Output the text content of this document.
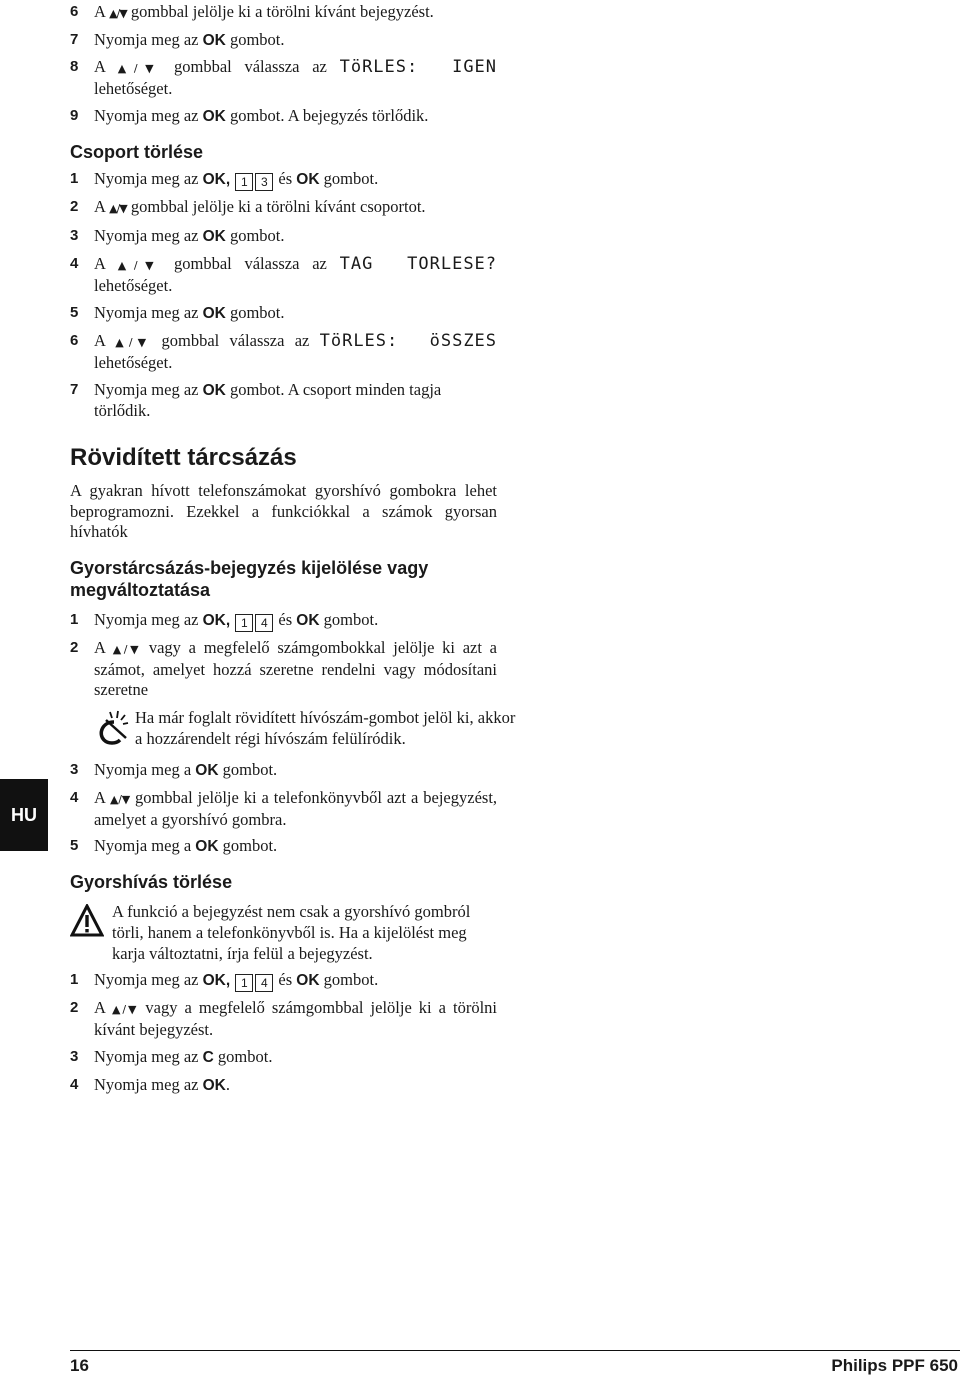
6 A ▲/▼ gombbal jelölje ki a törölni kívánt bejegyzést.
7 Nyomja meg az OK gombot.
8 A ▲/▼ gombbal válassza az TöRLES: IGEN
lehetőséget.
9 Nyomja meg az OK gombot. A bejegyzés törlődik.
Csoport törlése
1 Nyomja meg az OK, 1 3 és OK gombot.
2 A ▲/▼ gombbal jelölje ki a törölni kívánt csoportot.
3 Nyomja meg az OK gombot.
4 A ▲/▼ gombbal válassza az TAG TORLESE?
lehetőséget.
5 Nyomja meg az OK gombot.
6 A ▲/▼ gombbal válassza az TöRLES: öSSZES
lehetőséget.
7 Nyomja meg az OK gombot. A csoport minden tagja törlődik.
Rövidített tárcsázás
A gyakran hívott telefonszámokat gyorshívó gombokra lehet beprogramozni. Ezekkel a funkciókkal a számok gyorsan hívhatók
Gyorstárcsázás-bejegyzés kijelölése vagy megváltoztatása
1 Nyomja meg az OK, 1 4 és OK gombot.
2 A ▲/▼ vagy a megfelelő számgombokkal jelölje ki azt a számot, amelyet hozzá szeretne rendelni vagy módosítani szeretne
Ha már foglalt rövidített hívószám-gombot jelöl ki, akkor a hozzárendelt régi hívószám felülíródik.
3 Nyomja meg a OK gombot.
4 A ▲/▼ gombbal jelölje ki a telefonkönyvből azt a bejegyzést, amelyet a gyorshívó gombra.
5 Nyomja meg a OK gombot.
Gyorshívás törlése
A funkció a bejegyzést nem csak a gyorshívó gombról törli, hanem a telefonkönyvből is. Ha a kijelölést meg karja változtatni, írja felül a bejegyzést.
1 Nyomja meg az OK, 1 4 és OK gombot.
2 A ▲/▼ vagy a megfelelő számgombbal jelölje ki a törölni kívánt bejegyzést.
3 Nyomja meg az C gombot.
4 Nyomja meg az OK.
HU
16	Philips PPF 650
